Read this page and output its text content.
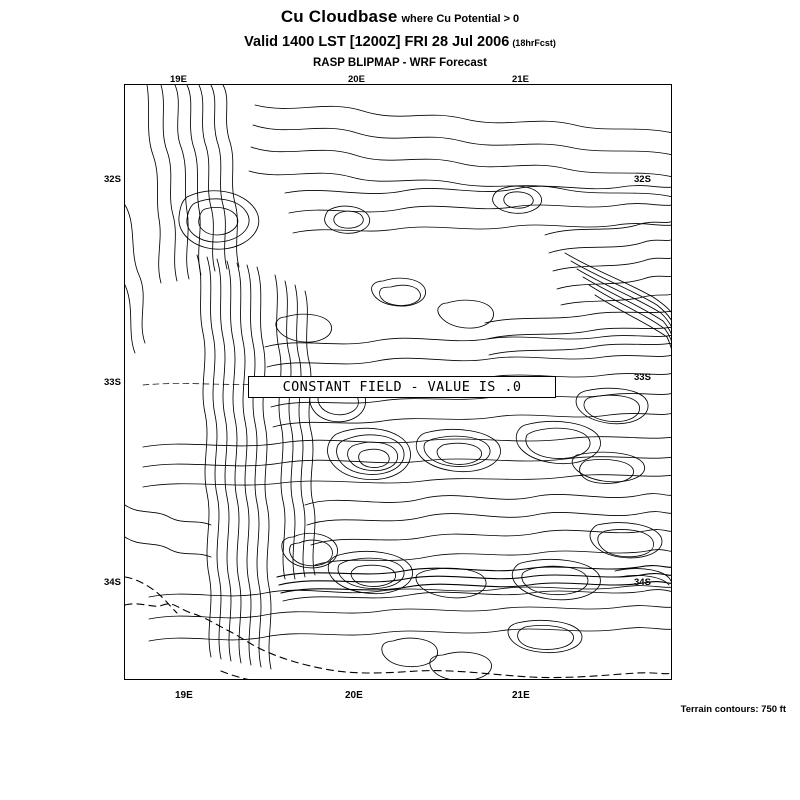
Cu Cloudbase where Cu Potential > 0
Valid 1400 LST [1200Z] FRI 28 Jul 2006 (18hrFcst)
RASP BLIPMAP - WRF Forecast
19E	20E	21E
19E	20E	21E
32S
33S
34S
32S
33S
34S
CONSTANT FIELD - VALUE IS .0
Terrain contours: 750 ft
